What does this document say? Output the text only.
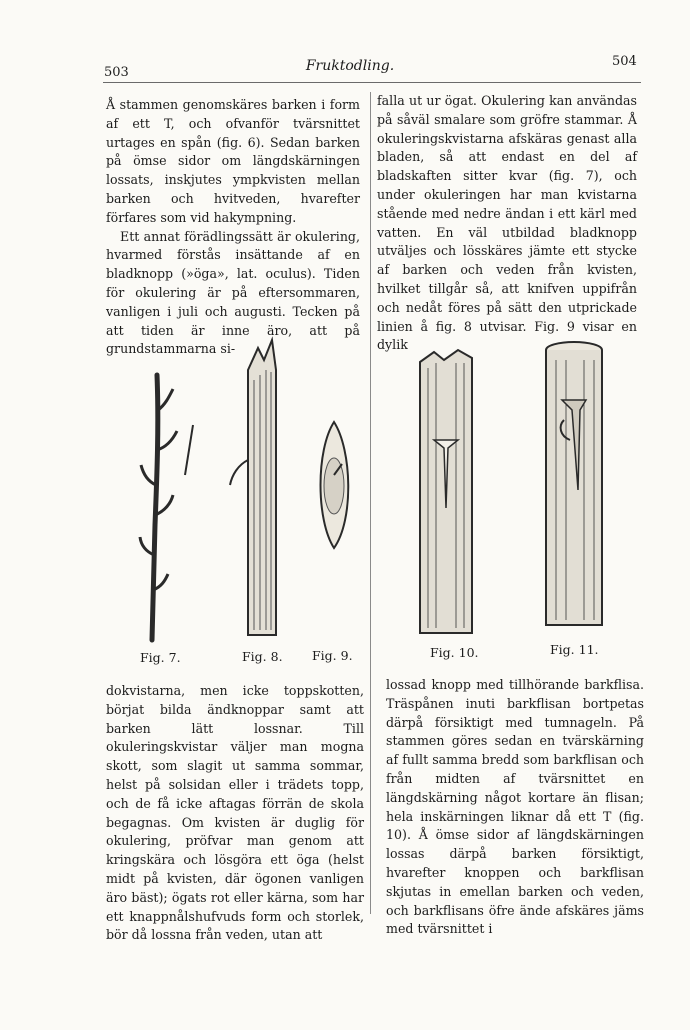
503	Fruktodling.	504

Å stammen genomskäres barken i form af ett T, och ofvanför tvärsnittet urtages en spån (fig. 6). Sedan barken på ömse sidor om längdskärningen lossats, inskjutes ympkvisten mellan barken och hvitveden, hvarefter förfares som vid hakympning.

Ett annat förädlingssätt är okulering, hvarmed förstås insättande af en bladknopp (»öga», lat. oculus). Tiden för okulering är på eftersommaren, vanligen i juli och augusti. Tecken på att tiden är inne äro, att på grundstammarna si-

falla ut ur ögat. Okulering kan användas på såväl smalare som gröfre stammar. Å okuleringskvistarna afskäras genast alla bladen, så att endast en del af bladskaften sitter kvar (fig. 7), och under okuleringen har man kvistarna stående med nedre ändan i ett kärl med vatten. En väl utbildad bladknopp utväljes och lösskäres jämte ett stycke af barken och veden från kvisten, hvilket tillgår så, att knifven uppifrån och nedåt föres på sätt den utprickade linien å fig. 8 utvisar. Fig. 9 visar en dylik

Fig. 7.	Fig. 8. Fig. 9.	Fig. 10.	Fig. 11.

dokvistarna, men icke toppskotten, börjat bilda ändknoppar samt att barken lätt lossnar. Till okuleringskvistar väljer man mogna skott, som slagit ut samma sommar, helst på solsidan eller i trädets topp, och de få icke aftagas förrän de skola begagnas. Om kvisten är duglig för okulering, pröfvar man genom att kringskära och lösgöra ett öga (helst midt på kvisten, där ögonen vanligen äro bäst); ögats rot eller kärna, som har ett knappnålshufvuds form och storlek, bör då lossna från veden, utan att

lossad knopp med tillhörande barkflisa. Träspånen inuti barkflisan bortpetas därpå försiktigt med tumnageln. På stammen göres sedan en tvärskärning af fullt samma bredd som barkflisan och från midten af tvärsnittet en längdskärning något kortare än flisan; hela inskärningen liknar då ett T (fig. 10). Å ömse sidor af längdskärningen lossas därpå barken försiktigt, hvarefter knoppen och barkflisan skjutas in emellan barken och veden, och barkflisans öfre ände afskäres jäms med tvärsnittet i
